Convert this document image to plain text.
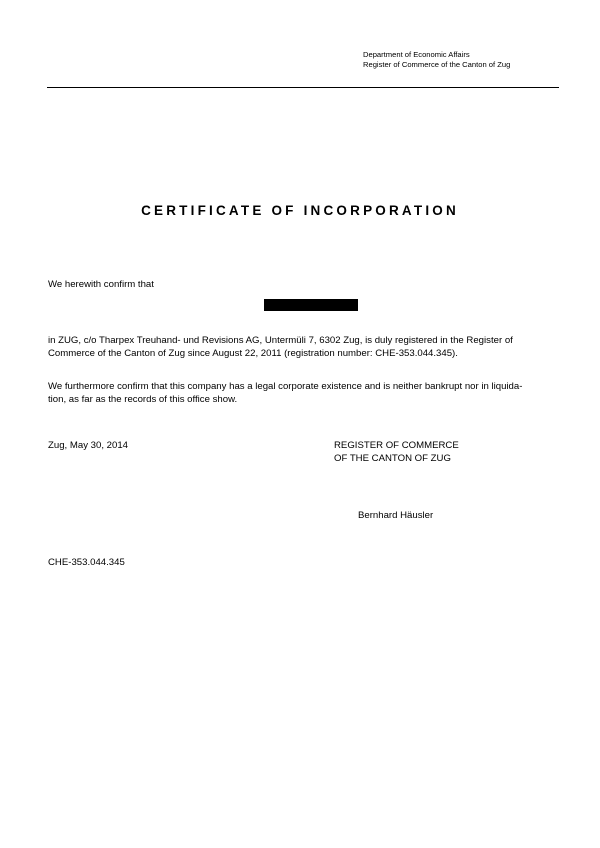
Department of Economic Affairs
Register of Commerce of the Canton of Zug
CERTIFICATE OF INCORPORATION
We herewith confirm that
in ZUG, c/o Tharpex Treuhand- und Revisions AG, Untermüli 7, 6302 Zug, is duly registered in the Register of
Commerce of the Canton of Zug since August 22, 2011 (registration number: CHE-353.044.345).
We furthermore confirm that this company has a legal corporate existence and is neither bankrupt nor in liquida-
tion, as far as the records of this office show.
Zug, May 30, 2014	REGISTER OF COMMERCE
OF THE CANTON OF ZUG
Bernhard Häusler
CHE-353.044.345
